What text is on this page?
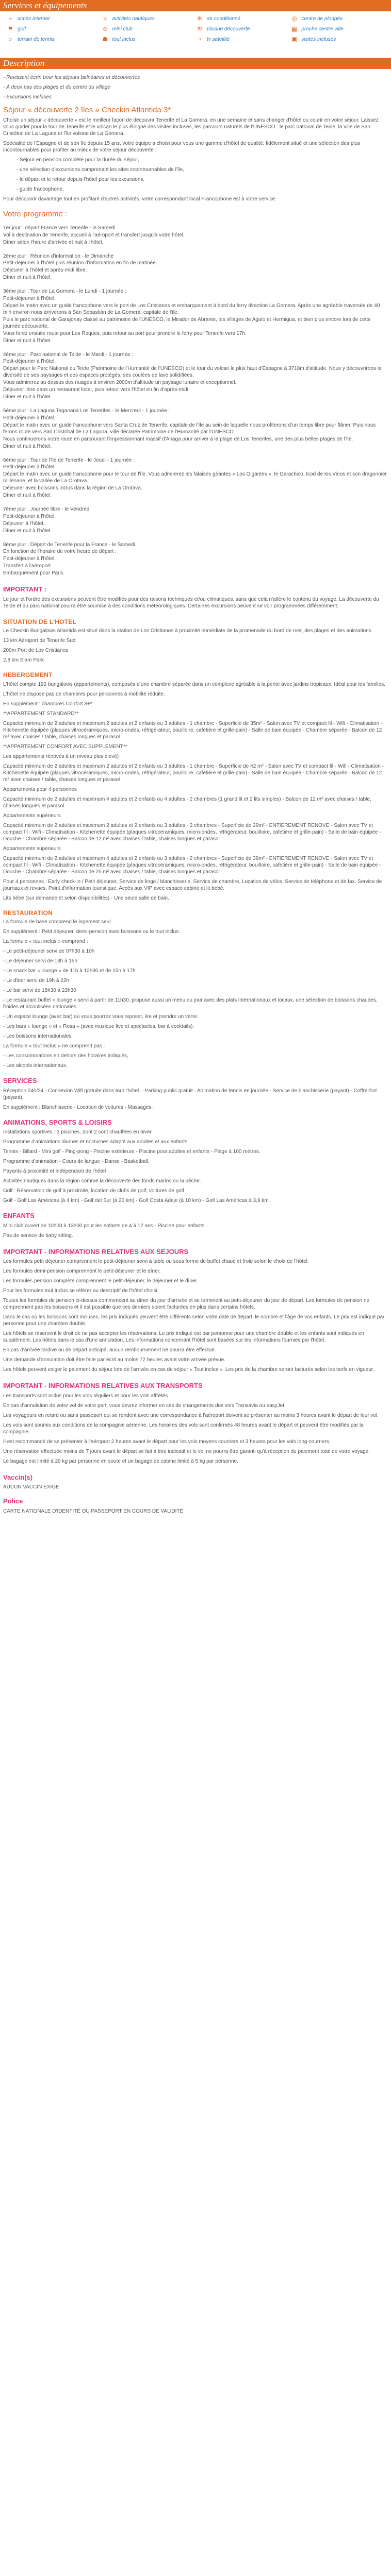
Services et équipements
⌁	accès internet	≈	activités nautiques	❄ air conditionné	◎ centre de plongée
⚑ golf	☺ mini club	≋ piscine découverte	▦ proche centre ville
○	terrain de tennis	☗ tout inclus	◔	tv satellite	▣ visites incluses
Description
- Ravissant écrin pour les séjours balnéaires et découvertes
- À deux pas des plages et du centre du village
- Excursions incluses
Séjour « découverte 2 îles » Checkin Atlantida 3*
Choisir un séjour « découverte » est le meilleur façon de découvrir Tenerife et La Gomera, en une semaine et sans changer d'hôtel ou courir en votre séjour. Laissez vous guider pour la tour de Tenerife et le volcan le plus éloigné des visites incluses, les parcours naturels de l'UNESCO : le parc national de Teide, la ville de San Cristóbal de La Laguna et l'île voisine de La Gomera.
Spécialité de l'Espagne et de son île depuis 15 ans, votre équipe a choisi pour vous une gamme d'hôtel de qualité, fidèlement situé et une sélection des plus incontournables pour profiter au mieux de votre séjour découverte :
- Séjour en pension complète pour la durée du séjour,
- une sélection d'excursions comprenant les sites incontournables de l'île,
- le départ et le retour depuis l'hôtel pour les excursions,
- guide francophone.
Pour découvrir davantage tout en profitant d'autres activités, votre correspondant local Francophone est à votre service.
Votre programme :
1er jour : départ France vers Tenerife - le Samedi
Vol à destination de Tenerife, accueil à l'aéroport et transfert jusqu'à votre hôtel.
Dîner selon l'heure d'arrivée et nuit à l'hôtel.
2ème jour : Réunion d'information - le Dimanche
Petit-déjeuner à l'hôtel puis réunion d'information en fin de matinée.
Déjeuner à l'hôtel et après-midi libre.
Dîner et nuit à l'hôtel.
3ème jour : Tour de La Gomera - le Lundi - 1 journée :
Petit-déjeuner à l'hôtel.
Départ le matin avec un guide francophone vers le port de Los Cristianos et embarquement à bord du ferry direction La Gomera. Après une agréable traversée de 40 min environ nous arriverons à San Sebastián de La Gomera, capitale de l'île.
Puis le parc national de Garajonay classé au patrimoine de l'UNESCO, le Mirador de Abrante, les villages de Agulo et Hermigua, et bien plus encore lors de cette journée découverte.
Vous ferez ensuite route pour Los Roques, puis retour au port pour prendre le ferry pour Tenerife vers 17h.
Dîner et nuit à l'hôtel.
4ème jour : Parc national de Teide - le Mardi - 1 journée :
Petit-déjeuner à l'hôtel.
Départ pour le Parc National du Teide (Patrimoine de l'Humanité de l'UNESCO) et le tour du volcan le plus haut d'Espagne à 3718m d'altitude. Nous y découvrirons la diversité de ses paysages et des espaces protégés, ses coulées de lave solidifiées.
Vous admirerez au dessus des nuages à environ 2000m d'altitude un paysage lunaire et exceptionnel.
Déjeuner libre dans un restaurant local, puis retour vers l'hôtel en fin d'après-midi.
Dîner et nuit à l'hôtel.
5ème jour : La Laguna Taganana Los Tenerifes - le Mercredi - 1 journée :
Petit-déjeuner à l'hôtel.
Départ le matin avec un guide francophone vers Santa Cruz de Tenerife, capitale de l'île au sein de laquelle nous profiterons d'un temps libre pour flâner. Puis nous ferons route vers San Cristóbal de La Laguna, ville déclarée Patrimoine de l'Humanité par l'UNESCO.
Nous continuerons notre route en parcourant l'impressionnant massif d'Anaga pour arriver à la plage de Los Tenerifes, une des plus belles plages de l'île.
Dîner et nuit à l'hôtel.
6ème jour : Tour de l'île de Tenerife - le Jeudi - 1 journée :
Petit-déjeuner à l'hôtel.
Départ le matin avec un guide francophone pour le tour de l'île. Vous admirerez les falaises géantes « Los Gigantes », le Garachico, Icod de los Vinos et son dragonnier millénaire, et la vallée de La Orotava.
Déjeuner avec boissons inclus dans la région de La Orotava.
Dîner et nuit à l'hôtel.
7ème jour : Journée libre - le Vendredi
Petit-déjeuner à l'hôtel.
Déjeuner à l'hôtel.
Dîner et nuit à l'hôtel.
8ème jour : Départ de Tenerife pour la France - le Samedi
En fonction de l'horaire de votre heure de départ :
Petit-déjeuner à l'hôtel.
Transfert à l'aéroport.
Embarquement pour Paris.
IMPORTANT :
Le jour et l'ordre des excursions peuvent être modifiés pour des raisons techniques et/ou climatiques, sans que cela n'altère le contenu du voyage. La découverte du Teide et du parc national pourra être soumise à des conditions météorologiques. Certaines excursions peuvent se voir programmées différemment.
SITUATION DE L'HOTEL
Le Checkin Bungalows Atlantida est situé dans la station de Los Cristianos à proximité immédiate de la promenade du bord de mer, des plages et des animations.
13 km Aéroport de Tenerife Sud
200m Port de Los Cristianos
2,8 km Siam Park
HEBERGEMENT
L'hôtel compte 192 bungalows (appartements), composés d'une chambre séparée dans un complexe agréable à la pente avec jardins tropicaux. Idéal pour les familles.
L'hôtel ne dispose pas de chambres pour personnes à mobilité réduite.
En supplément : chambres Confort 3+*
**APPARTEMENT STANDARD**
Capacité minimum de 2 adultes et maximum 2 adultes et 2 enfants ou 3 adultes - 1 chambre - Superficie de 35m² - Salon avec TV et compact fil - Wifi - Climatisation - Kitchenette équipée (plaques vitrocéramiques, micro-ondes, réfrigérateur, bouilloire, cafetière et grille-pain) - Salle de bain équipée - Chambre séparée - Balcon de 12 m² avec chaises / table, chaises longues et parasol
**APPARTEMENT CONFORT AVEC SUPPLÉMENT**
Les appartements rénovés à un niveau plus élevé)
Capacité minimum de 2 adultes et maximum 2 adultes et 2 enfants ou 3 adultes - 1 chambre - Superficie de 42 m² - Salon avec TV et compact fil - Wifi - Climatisation - Kitchenette équipée (plaques vitrocéramiques, micro-ondes, réfrigérateur, bouilloire, cafetière et grille-pain) - Salle de bain équipée - Chambre séparée - Balcon de 12 m² avec chaises / table, chaises longues et parasol
Appartements pour 4 personnes
Capacité minimum de 2 adultes et maximum 4 adultes et 2 enfants ou 4 adultes - 2 chambres (1 grand lit et 2 lits simples) - Balcon de 12 m² avec chaises / table, chaises longues et parasol
Appartements supérieurs
Capacité minimum de 2 adultes et maximum 2 adultes et 2 enfants ou 3 adultes - 2 chambres - Superficie de 29m² - ENTIEREMENT RENOVE - Salon avec TV et compact fil - Wifi - Climatisation - Kitchenette équipée (plaques vitrocéramiques, micro-ondes, réfrigérateur, bouilloire, cafetière et grille-pain) - Salle de bain équipée - Douche - Chambre séparée - Balcon de 12 m² avec chaises / table, chaises longues et parasol
Appartements supérieurs
Capacité minimum de 2 adultes et maximum 4 adultes et 2 enfants ou 3 adultes - 2 chambres - Superficie de 39m² - ENTIEREMENT RENOVE - Salon avec TV et compact fil - Wifi - Climatisation - Kitchenette équipée (plaques vitrocéramiques, micro-ondes, réfrigérateur, bouilloire, cafetière et grille-pain) - Salle de bain équipée - Douche - Chambre séparée - Balcon de 25 m² avec chaises / table, chaises longues et parasol
Pour 4 personnes : Early check-in / Petit déjeuner, Service de linge / blanchisserie, Service de chambre, Location de vélos, Service de téléphone et de fax, Service de journaux et revues, Point d'information touristique. Accès aux VIP avec espace cabine et lit bébé.
Lits bébé (sur demande et selon disponibilités) - Une seule salle de bain.
RESTAURATION
La formule de base comprend le logement seul.
En supplément : Petit déjeuner, demi-pension avec boissons ou le tout inclus.
La formule « tout inclus » comprend :
- Le petit-déjeuner servi de 07h30 à 10h
- Le déjeuner servi de 13h à 15h
- Le snack bar « lounge » de 11h à 12h30 et de 15h à 17h
- Le dîner servi de 19h à 22h
- Le bar servi de 18h30 à 23h30
- Le restaurant buffet « lounge » servi à partir de 11h30, propose aussi un menu du jour avec des plats internationaux et locaux, une sélection de boissons chaudes, froides et alcoolisées nationales.
- Un espace lounge (avec bar) où vous pourrez vous reposer, lire et prendre un verre.
- Les bars « lounge » et « Rosa » (avec musique live et spectacles, bar à cocktails).
- Les boissons internationales.
La formule « tout inclus » ne comprend pas :
- Les consommations en dehors des horaires indiqués,
- Les alcools internationaux.
SERVICES
Réception 24h/24 - Connexion Wifi gratuite dans tout l'hôtel – Parking public gratuit - Animation de tennis en journée - Service de blanchisserie (payant) - Coffre-fort (payant).
En supplément : Blanchisserie - Location de voitures - Massages.
ANIMATIONS, SPORTS & LOISIRS
Installations sportives : 3 piscines, dont 2 sont chauffées en hiver.
Programme d'animations diurnes et nocturnes adapté aux adultes et aux enfants.
Tennis - Billard - Mini golf - Ping-pong - Piscine extérieure - Piscine pour adultes et enfants - Plage à 100 mètres.
Programme d'animation - Cours de langue - Danse - Basketball.
Payants à proximité et indépendant de l'hôtel :
Activités nautiques dans la région comme la découverte des fonds marins ou la pêche.
Golf : Réservation de golf à proximité, location de clubs de golf, voitures de golf.
Golf - Golf Las Américas (à 4 km) - Golf del Sur (à 20 km) - Golf Costa Adeje (à 10 km) - Golf Las Américas à 3,9 km.
ENFANTS
Mini club ouvert de 10h00 à 13h00 pour les enfants de 4 à 12 ans - Piscine pour enfants.
Pas de service de baby sitting.
IMPORTANT - INFORMATIONS RELATIVES AUX SEJOURS
Les formules petit déjeuner comprennent le petit-déjeuner servi à table ou sous forme de buffet chaud et froid selon le choix de l'hôtel.
Les formules demi-pension comprennent le petit-déjeuner et le dîner.
Les formules pension complète comprennent le petit-déjeuner, le déjeuner et le dîner.
Pour les formules tout inclus se référer au descriptif de l'hôtel choisi.
Toutes les formules de pension ci-dessus commencent au dîner du jour d'arrivée et se terminent au petit-déjeuner du jour de départ. Les formules de pension ne comprennent pas les boissons et il est possible que ces derniers soient facturées en plus dans certains hôtels.
Dans le cas où les boissons sont incluses, les prix indiqués peuvent être différents selon votre date de départ, le nombre et l'âge de vos enfants. Le prix est indiqué par personne pour une chambre double.
Les hôtels se réservent le droit de ne pas accepter les réservations. Le prix indiqué est par personne pour une chambre double et les enfants sont indiqués en supplément. Les hôtels dans le cas d'une annulation. Les informations concernant l'hôtel sont basées sur les informations fournies par l'hôtel.
En cas d'arrivée tardive ou de départ anticipé, aucun remboursement ne pourra être effectué.
Une demande d'annulation doit être faite par écrit au moins 72 heures avant votre arrivée prévue.
Les hôtels peuvent exiger le paiement du séjour lors de l'arrivée en cas de séjour « Tout inclus ». Les prix de la chambre seront facturés selon les tarifs en vigueur.
IMPORTANT - INFORMATIONS RELATIVES AUX TRANSPORTS
Les transports sont inclus pour les vols réguliers et pour les vols affrétés.
En cas d'annulation de votre vol de votre part, vous devrez informer en cas de changements des vols Transavia ou easyJet.
Les voyageurs en retard ou sans passeport qui se rendent avec une correspondance à l'aéroport doivent se présenter au moins 3 heures avant le départ de leur vol.
Les vols sont soumis aux conditions de la compagnie aérienne. Les horaires des vols sont confirmés 48 heures avant le départ et peuvent être modifiés par la compagnie.
Il est recommandé de se présenter à l'aéroport 2 heures avant le départ pour les vols moyens courriers et 3 heures pour les vols long-courriers.
Une réservation effectuée moins de 7 jours avant le départ se fait à titre indicatif et le vol ne pourra être garanti qu'à réception du paiement total de votre voyage.
Le bagage est limité à 20 kg par personne en soute et un bagage de cabine limité à 5 kg par personne.
Vaccin(s)
AUCUN VACCIN EXIGÉ
Police
CARTE NATIONALE D'IDENTITÉ OU PASSEPORT EN COURS DE VALIDITÉ
